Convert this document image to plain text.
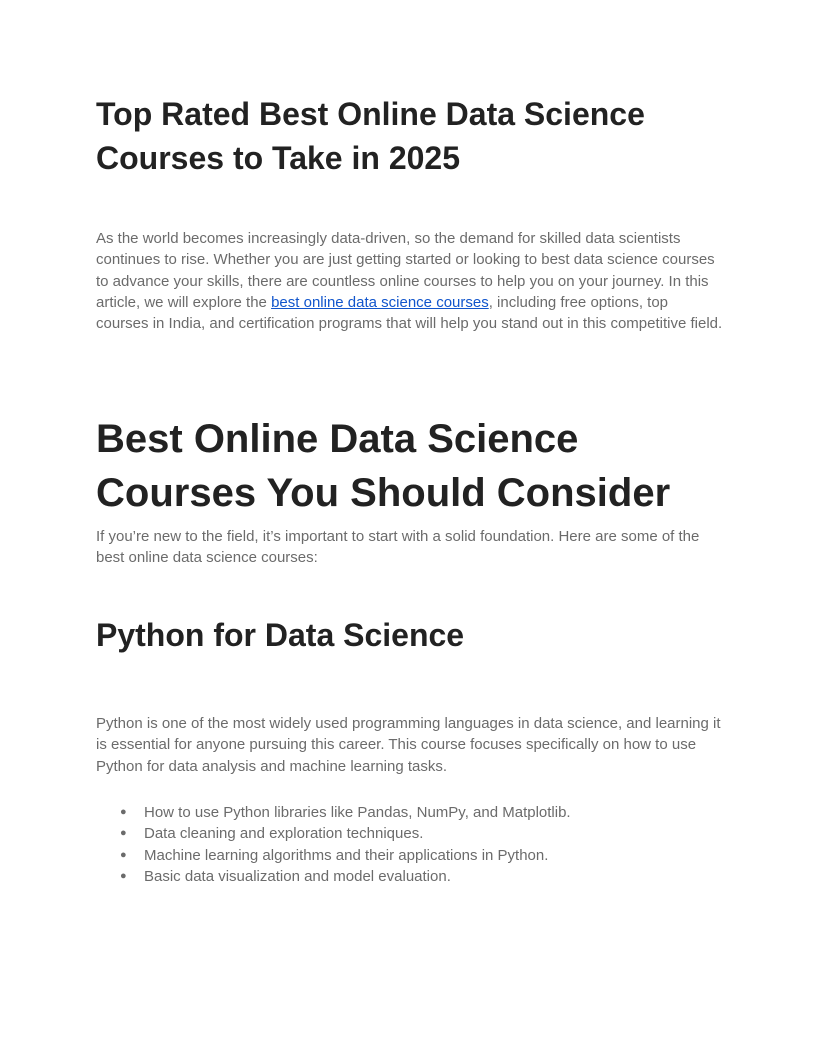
Top Rated Best Online Data Science Courses to Take in 2025

As the world becomes increasingly data-driven, so the demand for skilled data scientists continues to rise. Whether you are just getting started or looking to best data science courses to advance your skills, there are countless online courses to help you on your journey. In this article, we will explore the best online data science courses, including free options, top courses in India, and certification programs that will help you stand out in this competitive field.

Best Online Data Science Courses You Should Consider

If you’re new to the field, it’s important to start with a solid foundation. Here are some of the best online data science courses:

Python for Data Science

Python is one of the most widely used programming languages in data science, and learning it is essential for anyone pursuing this career. This course focuses specifically on how to use Python for data analysis and machine learning tasks.

● How to use Python libraries like Pandas, NumPy, and Matplotlib.
● Data cleaning and exploration techniques.
● Machine learning algorithms and their applications in Python.
● Basic data visualization and model evaluation.
